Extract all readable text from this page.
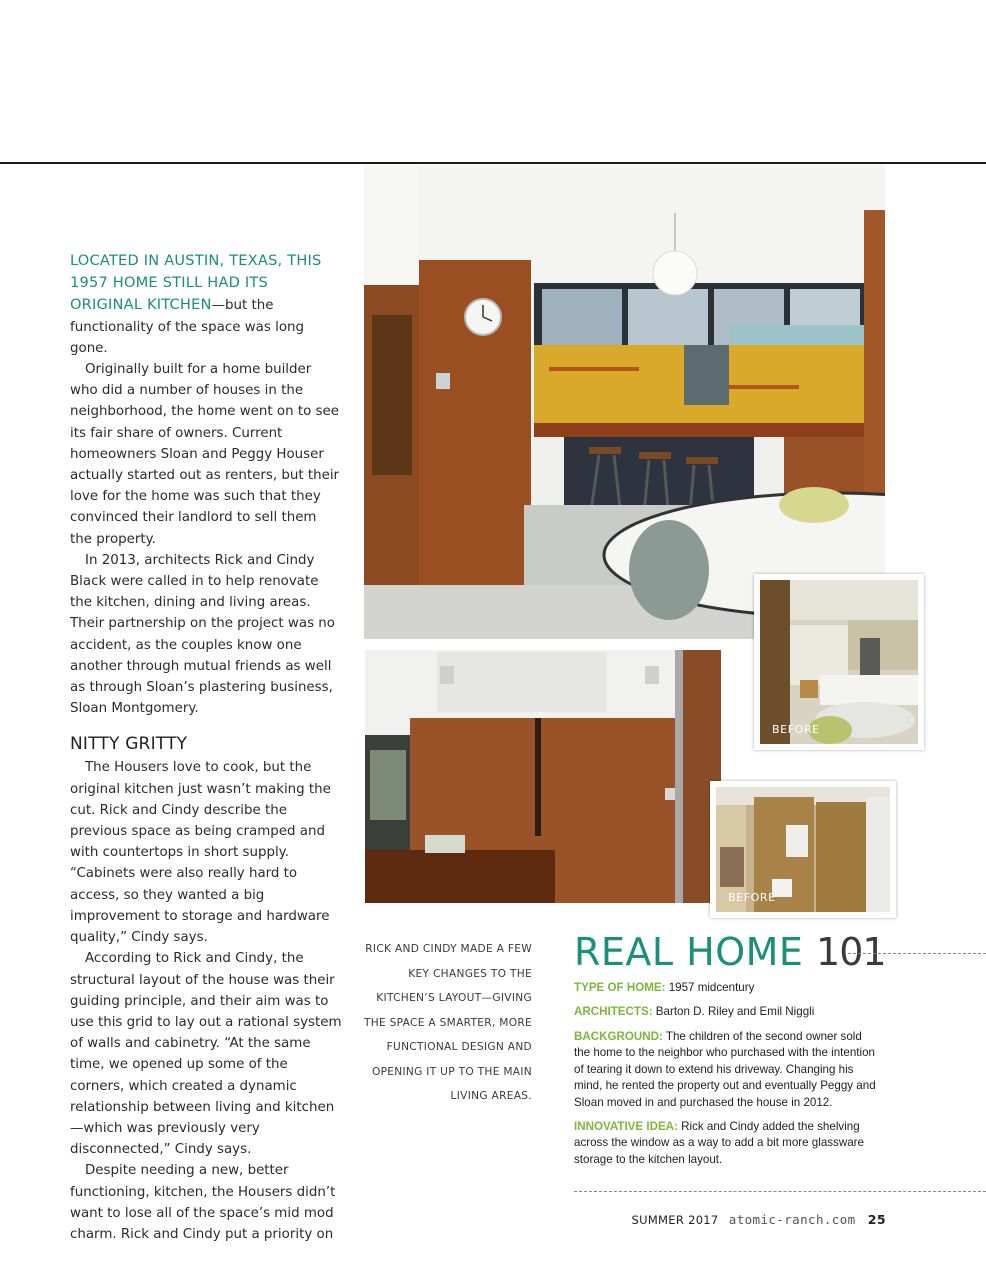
LOCATED IN AUSTIN, TEXAS, THIS 1957 HOME STILL HAD ITS ORIGINAL KITCHEN—but the functionality of the space was long gone.

Originally built for a home builder who did a number of houses in the neighborhood, the home went on to see its fair share of owners. Current homeowners Sloan and Peggy Houser actually started out as renters, but their love for the home was such that they convinced their landlord to sell them the property.

In 2013, architects Rick and Cindy Black were called in to help renovate the kitchen, dining and living areas. Their partnership on the project was no accident, as the couples know one another through mutual friends as well as through Sloan’s plastering business, Sloan Montgomery.

NITTY GRITTY

The Housers love to cook, but the original kitchen just wasn’t making the cut. Rick and Cindy describe the previous space as being cramped and with countertops in short supply. “Cabinets were also really hard to access, so they wanted a big improvement to storage and hardware quality,” Cindy says.

According to Rick and Cindy, the structural layout of the house was their guiding principle, and their aim was to use this grid to lay out a rational system of walls and cabinetry. “At the same time, we opened up some of the corners, which created a dynamic relationship between living and kitchen—which was previously very disconnected,” Cindy says.

Despite needing a new, better functioning, kitchen, the Housers didn’t want to lose all of the space’s mid mod charm. Rick and Cindy put a priority on

BEFORE
BEFORE
RICK AND CINDY MADE A FEW KEY CHANGES TO THE KITCHEN’S LAYOUT—GIVING THE SPACE A SMARTER, MORE FUNCTIONAL DESIGN AND OPENING IT UP TO THE MAIN LIVING AREAS.
REAL HOME 101
TYPE OF HOME: 1957 midcentury
ARCHITECTS: Barton D. Riley and Emil Niggli
BACKGROUND: The children of the second owner sold the home to the neighbor who purchased with the intention of tearing it down to extend his driveway. Changing his mind, he rented the property out and eventually Peggy and Sloan moved in and purchased the house in 2012.
INNOVATIVE IDEA: Rick and Cindy added the shelving across the window as a way to add a bit more glassware storage to the kitchen layout.
SUMMER 2017 atomic-ranch.com 25
